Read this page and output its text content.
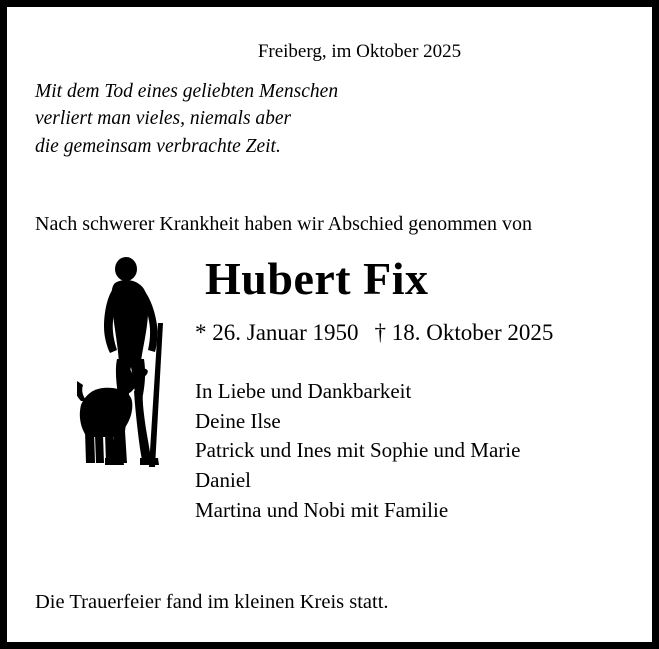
Freiberg, im Oktober 2025
Mit dem Tod eines geliebten Menschen
verliert man vieles, niemals aber
die gemeinsam verbrachte Zeit.
Nach schwerer Krankheit haben wir Abschied genommen von
Hubert Fix
* 26. Januar 1950 † 18. Oktober 2025
In Liebe und Dankbarkeit
Deine Ilse
Patrick und Ines mit Sophie und Marie
Daniel
Martina und Nobi mit Familie
Die Trauerfeier fand im kleinen Kreis statt.
